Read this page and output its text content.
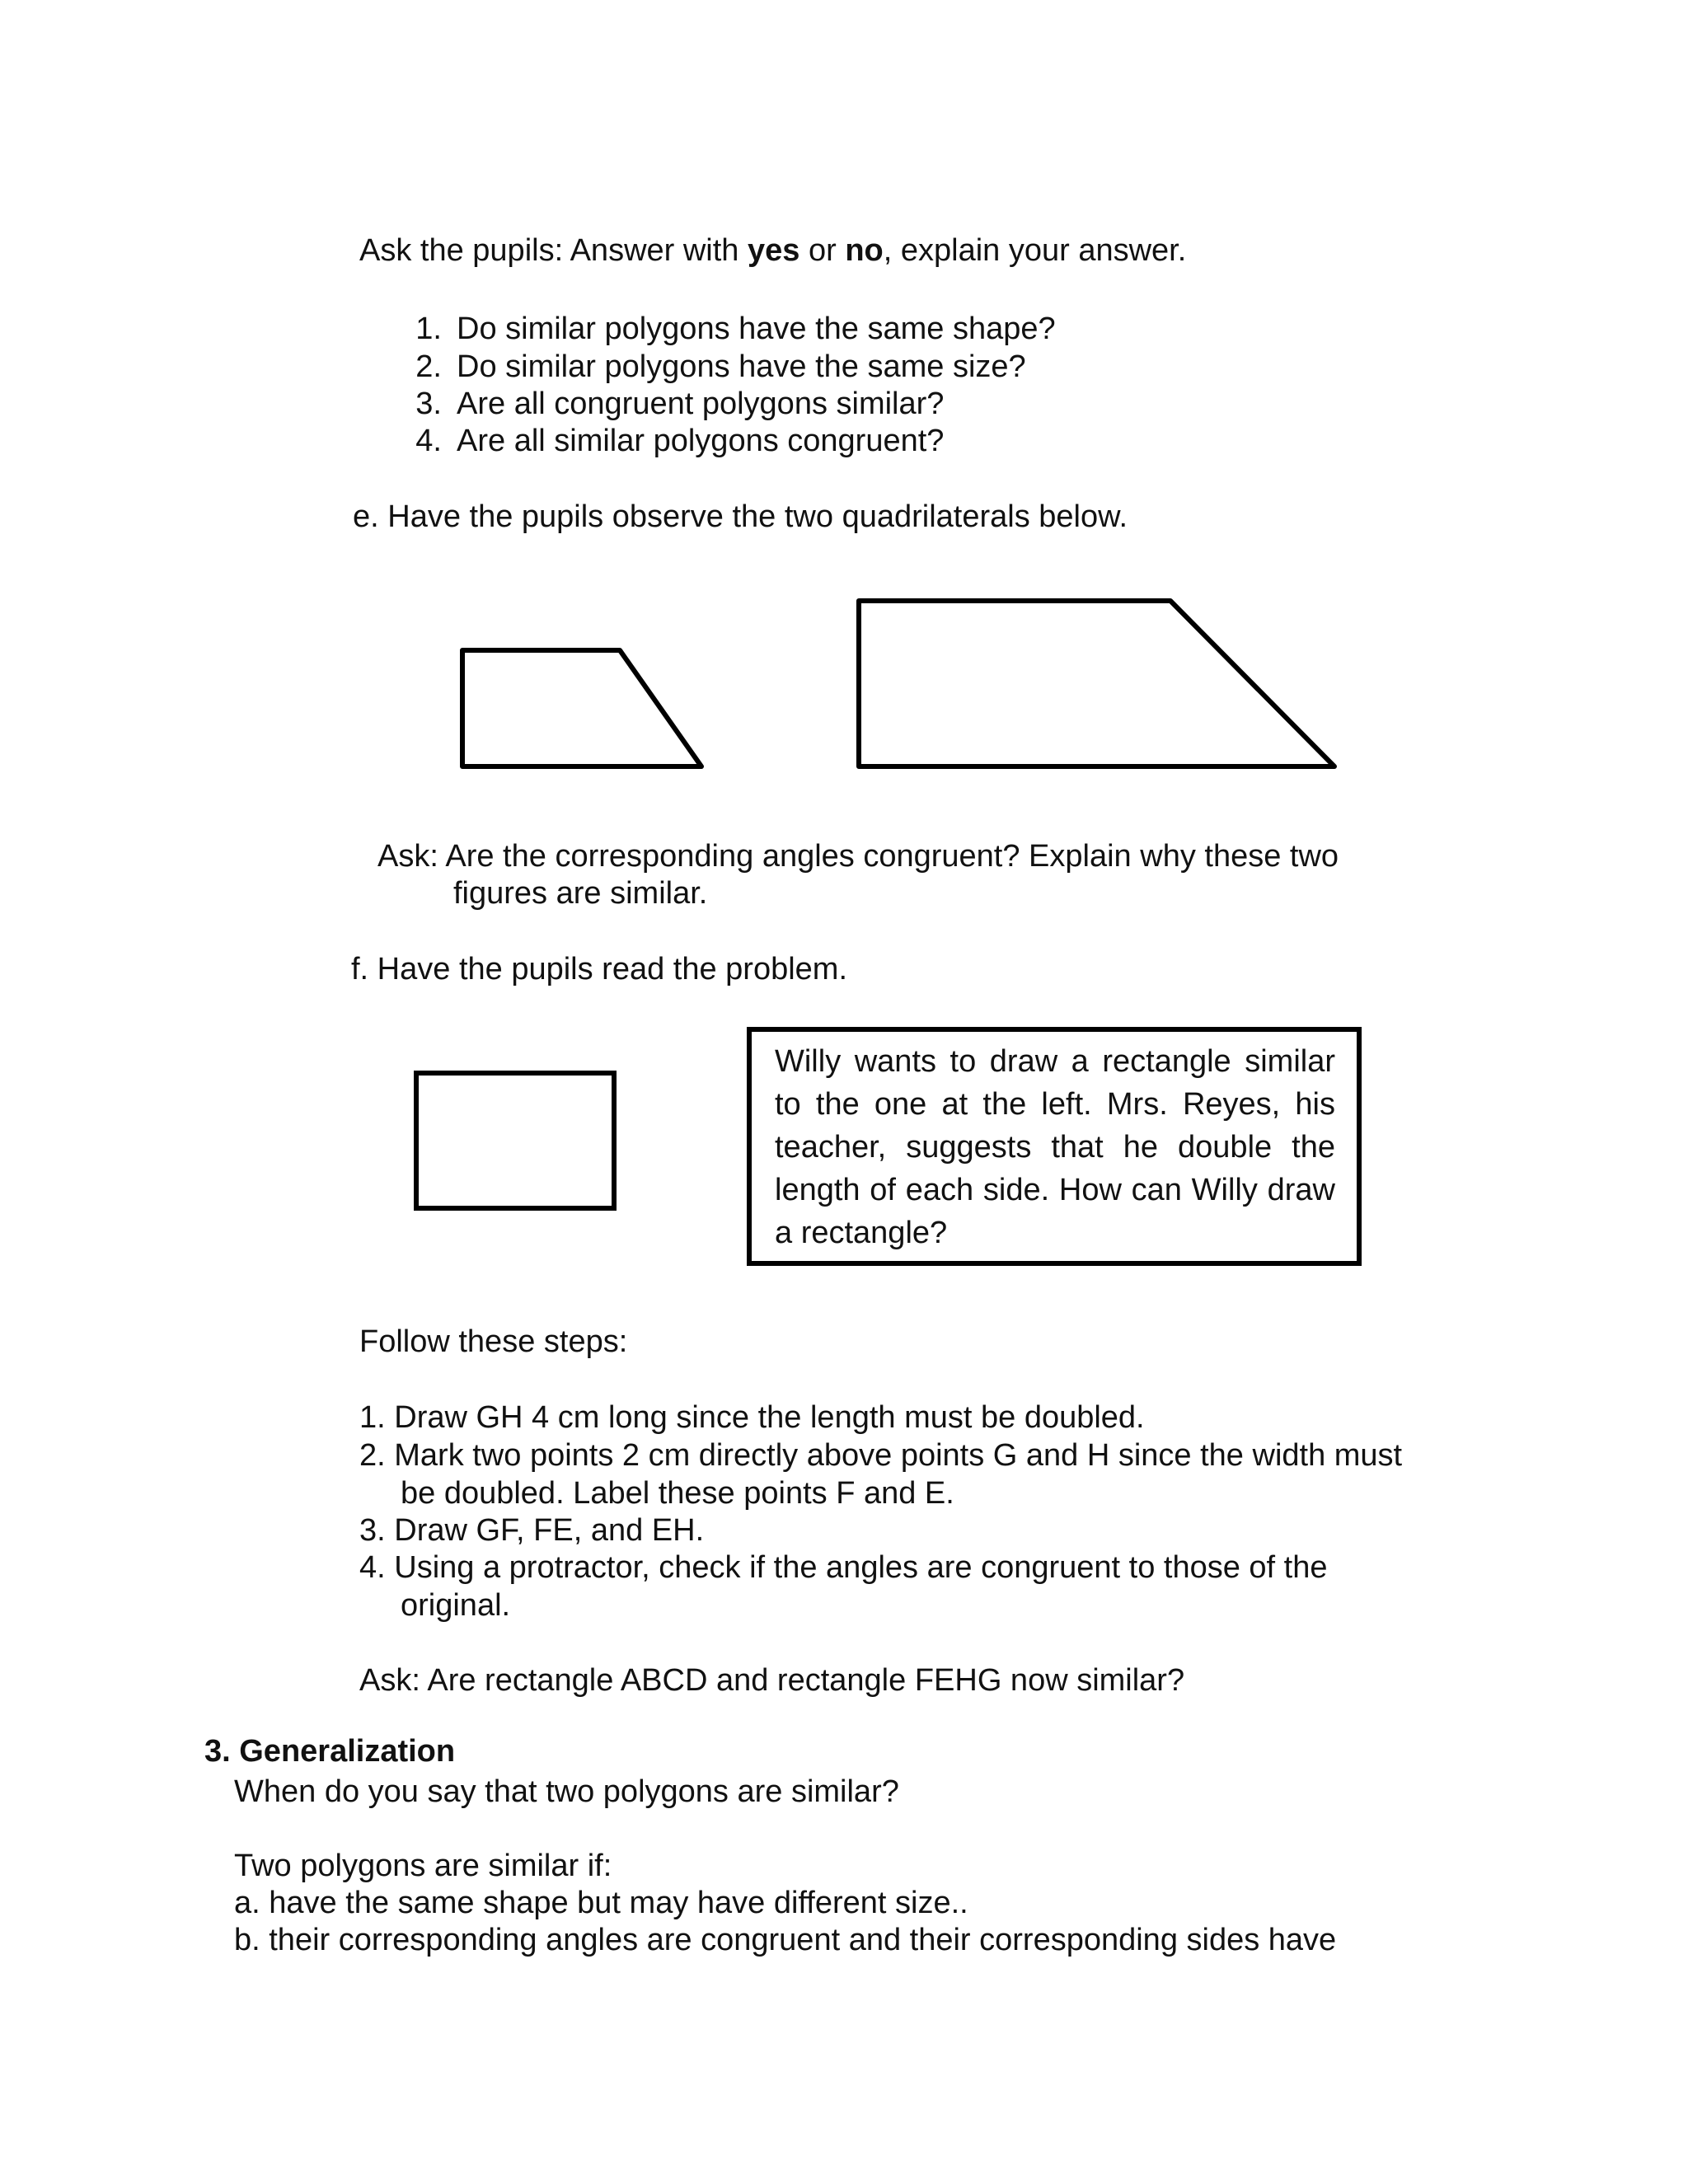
Ask the pupils: Answer with yes or no, explain your answer.
1. Do similar polygons have the same shape?
2. Do similar polygons have the same size?
3. Are all congruent polygons similar?
4. Are all similar polygons congruent?
e. Have the pupils observe the two quadrilaterals below.
Ask: Are the corresponding angles congruent? Explain why these two
figures are similar.
f. Have the pupils read the problem.
Willy wants to draw a rectangle similar to the one at the left. Mrs. Reyes, his teacher, suggests that he double the length of each side. How can Willy draw a rectangle?
Follow these steps:
1. Draw GH 4 cm long since the length must be doubled.
2. Mark two points 2 cm directly above points G and H since the width must
be doubled. Label these points F and E.
3. Draw GF, FE, and EH.
4. Using a protractor, check if the angles are congruent to those of the
original.
Ask: Are rectangle ABCD and rectangle FEHG now similar?
3. Generalization
When do you say that two polygons are similar?
Two polygons are similar if:
a. have the same shape but may have different size..
b. their corresponding angles are congruent and their corresponding sides have
